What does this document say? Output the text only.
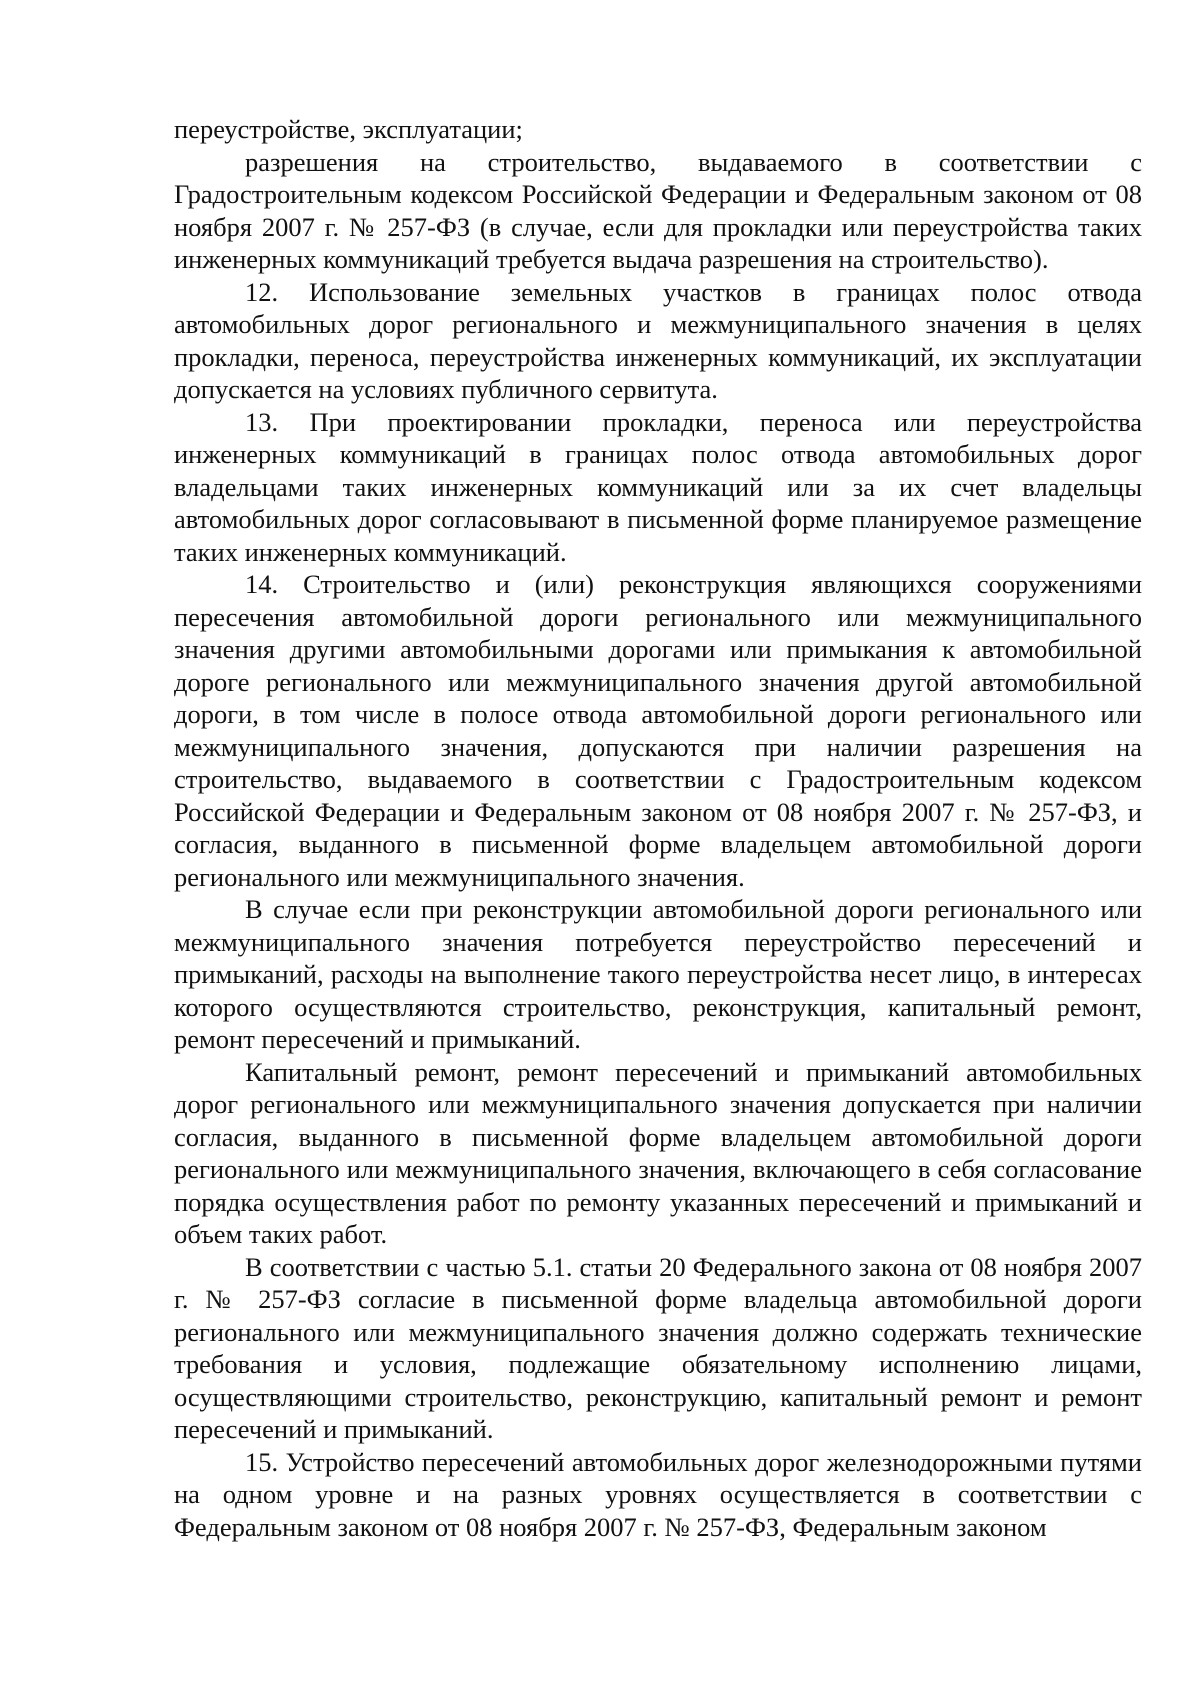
переустройстве, эксплуатации;

разрешения на строительство, выдаваемого в соответствии с Градостроительным кодексом Российской Федерации и Федеральным законом от 08 ноября 2007 г. № 257-ФЗ (в случае, если для прокладки или переустройства таких инженерных коммуникаций требуется выдача разрешения на строительство).

12. Использование земельных участков в границах полос отвода автомобильных дорог регионального и межмуниципального значения в целях прокладки, переноса, переустройства инженерных коммуникаций, их эксплуатации допускается на условиях публичного сервитута.

13. При проектировании прокладки, переноса или переустройства инженерных коммуникаций в границах полос отвода автомобильных дорог владельцами таких инженерных коммуникаций или за их счет владельцы автомобильных дорог согласовывают в письменной форме планируемое размещение таких инженерных коммуникаций.

14. Строительство и (или) реконструкция являющихся сооружениями пересечения автомобильной дороги регионального или межмуниципального значения другими автомобильными дорогами или примыкания к автомобильной дороге регионального или межмуниципального значения другой автомобильной дороги, в том числе в полосе отвода автомобильной дороги регионального или межмуниципального значения, допускаются при наличии разрешения на строительство, выдаваемого в соответствии с Градостроительным кодексом Российской Федерации и Федеральным законом от 08 ноября 2007 г. № 257-ФЗ, и согласия, выданного в письменной форме владельцем автомобильной дороги регионального или межмуниципального значения.

В случае если при реконструкции автомобильной дороги регионального или межмуниципального значения потребуется переустройство пересечений и примыканий, расходы на выполнение такого переустройства несет лицо, в интересах которого осуществляются строительство, реконструкция, капитальный ремонт, ремонт пересечений и примыканий.

Капитальный ремонт, ремонт пересечений и примыканий автомобильных дорог регионального или межмуниципального значения допускается при наличии согласия, выданного в письменной форме владельцем автомобильной дороги регионального или межмуниципального значения, включающего в себя согласование порядка осуществления работ по ремонту указанных пересечений и примыканий и объем таких работ.

В соответствии с частью 5.1. статьи 20 Федерального закона от 08 ноября 2007 г. № 257-ФЗ согласие в письменной форме владельца автомобильной дороги регионального или межмуниципального значения должно содержать технические требования и условия, подлежащие обязательному исполнению лицами, осуществляющими строительство, реконструкцию, капитальный ремонт и ремонт пересечений и примыканий.

15. Устройство пересечений автомобильных дорог железнодорожными путями на одном уровне и на разных уровнях осуществляется в соответствии с Федеральным законом от 08 ноября 2007 г. № 257-ФЗ, Федеральным законом
